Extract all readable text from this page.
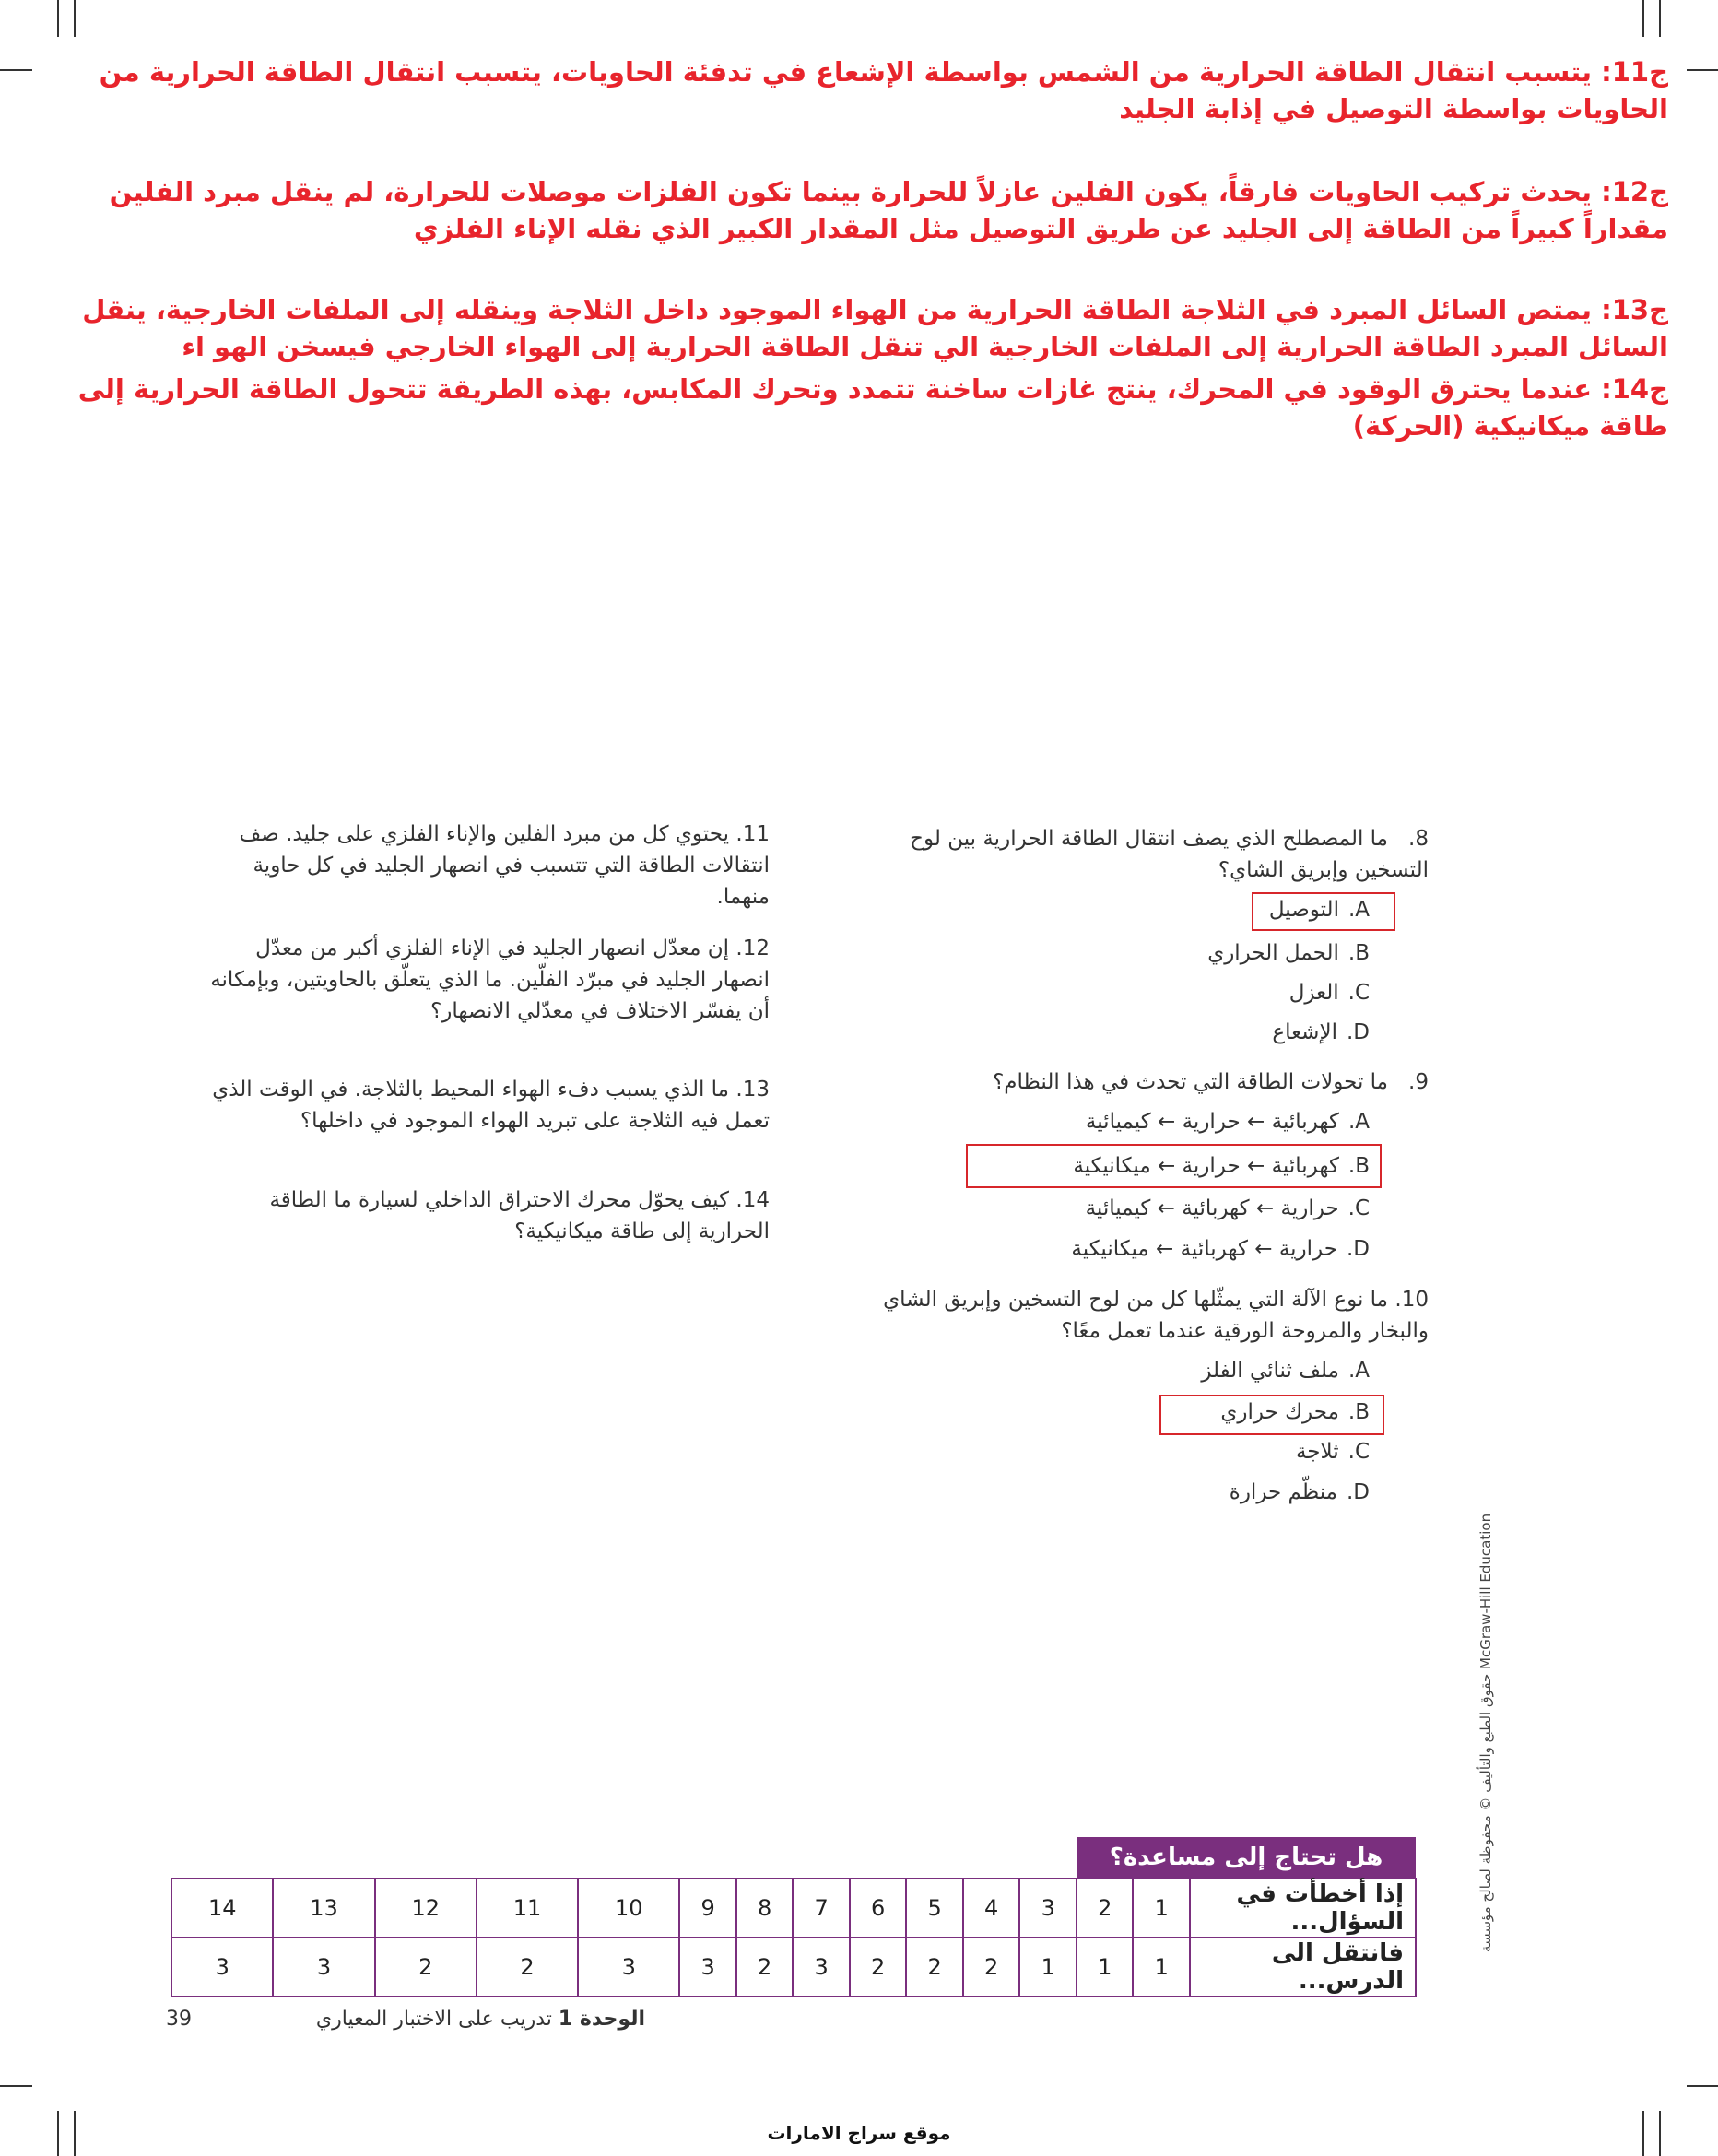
ج11: يتسبب انتقال الطاقة الحرارية من الشمس بواسطة الإشعاع في تدفئة الحاويات، يتسبب انتقال الطاقة الحرارية من الحاويات بواسطة التوصيل في إذابة الجليد

ج12: يحدث تركيب الحاويات فارقاً، يكون الفلين عازلاً للحرارة بينما تكون الفلزات موصلات للحرارة، لم ينقل مبرد الفلين مقداراً كبيراً من الطاقة إلى الجليد عن طريق التوصيل مثل المقدار الكبير الذي نقله الإناء الفلزي

ج13: يمتص السائل المبرد في الثلاجة الطاقة الحرارية من الهواء الموجود داخل الثلاجة وينقله إلى الملفات الخارجية، ينقل السائل المبرد الطاقة الحرارية إلى الملفات الخارجية الي تنقل الطاقة الحرارية إلى الهواء الخارجي فيسخن الهو اء

ج14: عندما يحترق الوقود في المحرك، ينتج غازات ساخنة تتمدد وتحرك المكابس، بهذه الطريقة تتحول الطاقة الحرارية إلى طاقة ميكانيكية (الحركة)

8.ما المصطلح الذي يصف انتقال الطاقة الحرارية بين لوح التسخين وإبريق الشاي؟
A.التوصيل
B.الحمل الحراري
C.العزل
D.الإشعاع
9.ما تحولات الطاقة التي تحدث في هذا النظام؟
A.كهربائية ← حرارية ← كيميائية
B.كهربائية ← حرارية ← ميكانيكية
C.حرارية ← كهربائية ← كيميائية
D.حرارية ← كهربائية ← ميكانيكية
10.ما نوع الآلة التي يمثّلها كل من لوح التسخين وإبريق الشاي والبخار والمروحة الورقية عندما تعمل معًا؟
A.ملف ثنائي الفلز
B.محرك حراري
C.ثلاجة
D.منظّم حرارة
11.يحتوي كل من مبرد الفلين والإناء الفلزي على جليد. صف انتقالات الطاقة التي تتسبب في انصهار الجليد في كل حاوية منهما.
12.إن معدّل انصهار الجليد في الإناء الفلزي أكبر من معدّل انصهار الجليد في مبرّد الفلّين. ما الذي يتعلّق بالحاويتين، وبإمكانه أن يفسّر الاختلاف في معدّلي الانصهار؟
13.ما الذي يسبب دفء الهواء المحيط بالثلاجة. في الوقت الذي تعمل فيه الثلاجة على تبريد الهواء الموجود في داخلها؟
14.كيف يحوّل محرك الاحتراق الداخلي لسيارة ما الطاقة الحرارية إلى طاقة ميكانيكية؟
حقوق الطبع والتأليف © محفوظة لصالح مؤسسة McGraw-Hill Education
هل تحتاج إلى مساعدة؟
إذا أخطأت في السؤال...	1	2	3	4	5	6	7	8	9	10	11	12	13	14
فانتقل الى الدرس...	1	1	1	2	2	2	3	2	3	3	2	2	3	3
الوحدة 1 تدريب على الاختبار المعياري
39
موقع سراج الامارات
